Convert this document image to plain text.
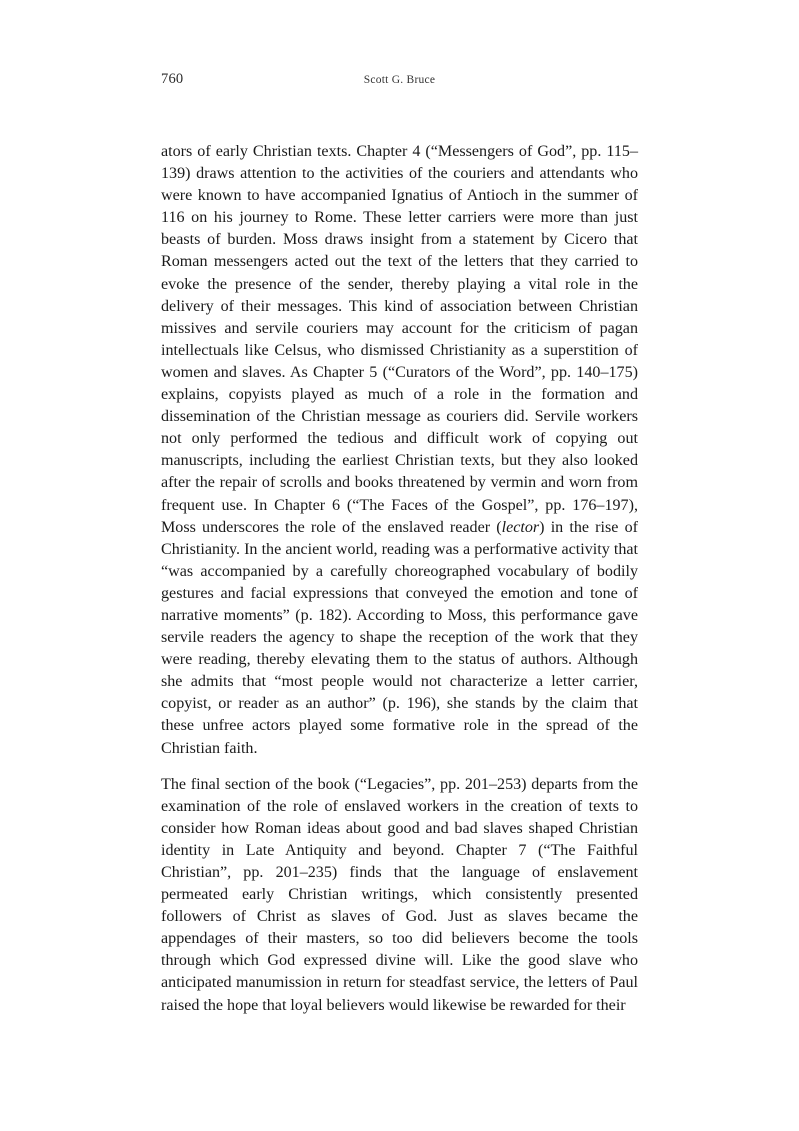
760	Scott G. Bruce

ators of early Christian texts. Chapter 4 (“Messengers of God”, pp. 115–139) draws attention to the activities of the couriers and attendants who were known to have accompanied Ignatius of Antioch in the summer of 116 on his journey to Rome. These letter carriers were more than just beasts of burden. Moss draws insight from a statement by Cicero that Roman messengers acted out the text of the letters that they carried to evoke the presence of the sender, thereby playing a vital role in the delivery of their messages. This kind of association between Christian missives and servile couriers may account for the criticism of pagan intellectuals like Celsus, who dismissed Christianity as a superstition of women and slaves. As Chapter 5 (“Curators of the Word”, pp. 140–175) explains, copyists played as much of a role in the formation and dissemination of the Christian message as couriers did. Servile workers not only performed the tedious and difficult work of copying out manuscripts, including the earliest Christian texts, but they also looked after the repair of scrolls and books threatened by vermin and worn from frequent use. In Chapter 6 (“The Faces of the Gospel”, pp. 176–197), Moss underscores the role of the enslaved reader (lector) in the rise of Christianity. In the ancient world, reading was a performative activity that “was accompanied by a carefully choreographed vocabulary of bodily gestures and facial expressions that conveyed the emotion and tone of narrative moments” (p. 182). According to Moss, this performance gave servile readers the agency to shape the reception of the work that they were reading, thereby elevating them to the status of authors. Although she admits that “most people would not characterize a letter carrier, copyist, or reader as an author” (p. 196), she stands by the claim that these unfree actors played some formative role in the spread of the Christian faith.

The final section of the book (“Legacies”, pp. 201–253) departs from the examination of the role of enslaved workers in the creation of texts to consider how Roman ideas about good and bad slaves shaped Christian identity in Late Antiquity and beyond. Chapter 7 (“The Faithful Christian”, pp. 201–235) finds that the language of enslavement permeated early Christian writings, which consistently presented followers of Christ as slaves of God. Just as slaves became the appendages of their masters, so too did believers become the tools through which God expressed divine will. Like the good slave who anticipated manumission in return for steadfast service, the letters of Paul raised the hope that loyal believers would likewise be rewarded for their
